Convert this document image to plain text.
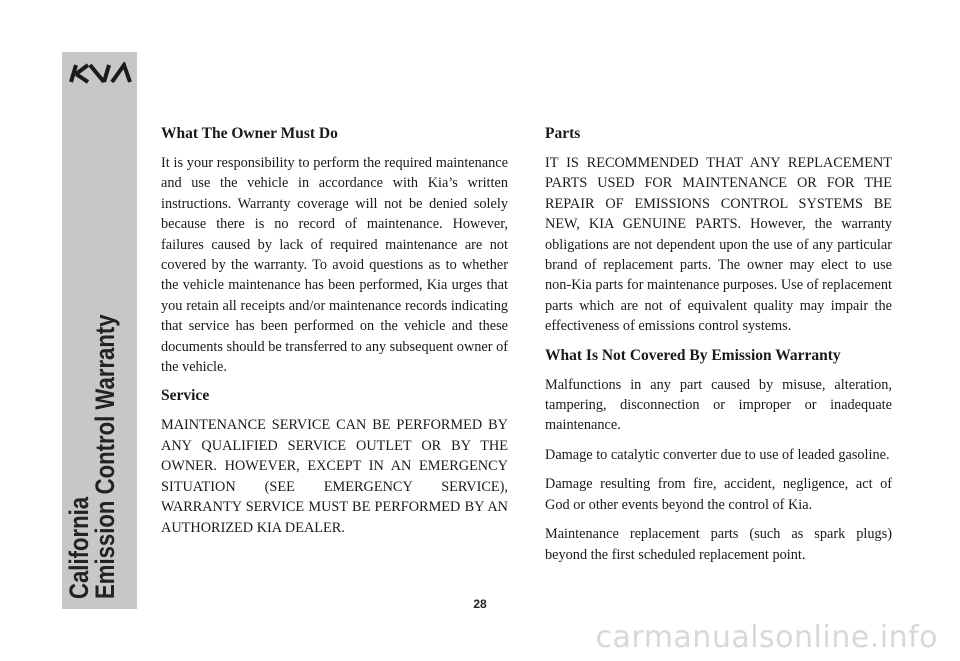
California
Emission Control Warranty
What The Owner Must Do

It is your responsibility to perform the required maintenance and use the vehicle in accordance with Kia’s written instructions. Warranty coverage will not be denied solely because there is no record of maintenance. However, failures caused by lack of required maintenance are not covered by the warranty. To avoid questions as to whether the vehicle maintenance has been performed, Kia urges that you retain all receipts and/or maintenance records indicating that service has been performed on the vehicle and these documents should be transferred to any subsequent owner of the vehicle.

Service

MAINTENANCE SERVICE CAN BE PERFORMED BY ANY QUALIFIED SERVICE OUTLET OR BY THE OWNER. HOWEVER, EXCEPT IN AN EMERGENCY SITUATION (SEE EMERGENCY SERVICE), WARRANTY SERVICE MUST BE PERFORMED BY AN AUTHORIZED KIA DEALER.

Parts

IT IS RECOMMENDED THAT ANY REPLACEMENT PARTS USED FOR MAINTENANCE OR FOR THE REPAIR OF EMISSIONS CONTROL SYSTEMS BE NEW, KIA GENUINE PARTS. However, the warranty obligations are not dependent upon the use of any particular brand of replacement parts. The owner may elect to use non-Kia parts for maintenance purposes. Use of replacement parts which are not of equivalent quality may impair the effectiveness of emissions control systems.

What Is Not Covered By Emission Warranty

Malfunctions in any part caused by misuse, alteration, tampering, disconnection or improper or inadequate maintenance.

Damage to catalytic converter due to use of leaded gasoline.

Damage resulting from fire, accident, negligence, act of God or other events beyond the control of Kia.

Maintenance replacement parts (such as spark plugs) beyond the first scheduled replacement point.

28
carmanualsonline.info
